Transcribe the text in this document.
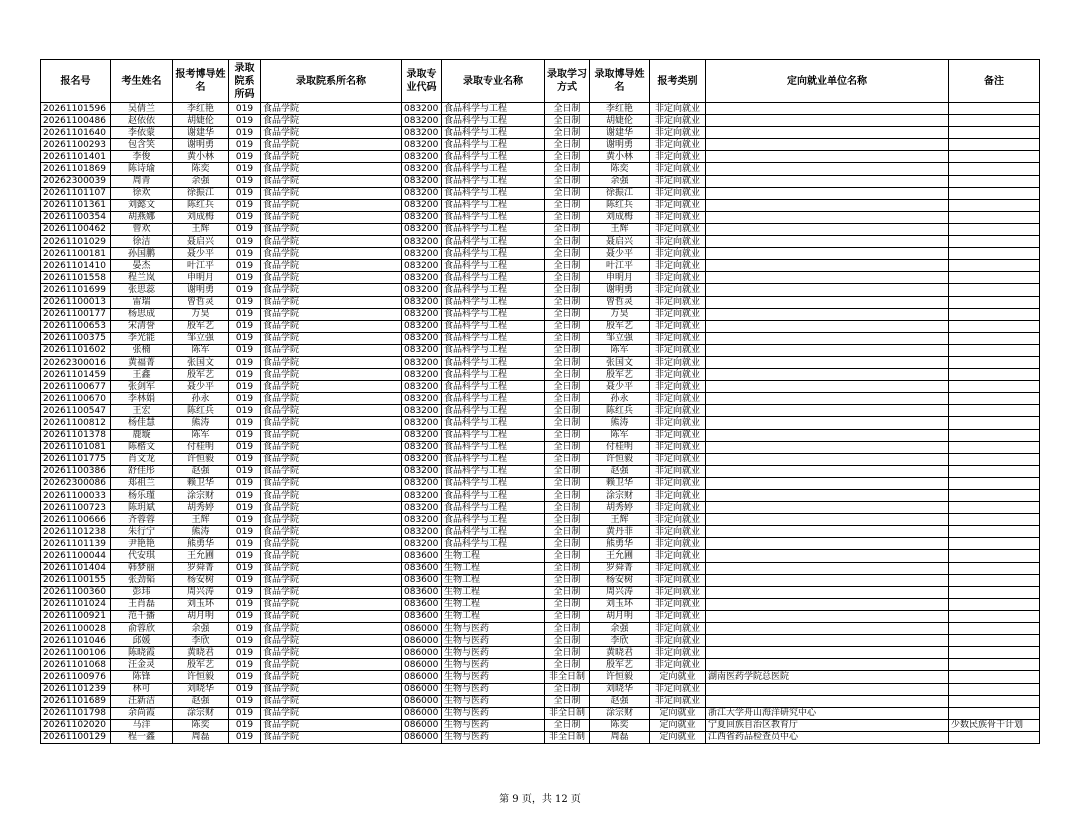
报名号	考生姓名	报考博导姓名	录取院系所码	录取院系所名称	录取专业代码	录取专业名称	录取学习方式	录取博导姓名	报考类别	定向就业单位名称	备注
20261101596	吴倩兰	李红艳	019	食品学院	083200	食品科学与工程	全日制	李红艳	非定向就业		
20261100486	赵依依	胡婕伦	019	食品学院	083200	食品科学与工程	全日制	胡婕伦	非定向就业		
20261101640	李依蒙	谢建华	019	食品学院	083200	食品科学与工程	全日制	谢建华	非定向就业		
20261100293	包含笑	谢明勇	019	食品学院	083200	食品科学与工程	全日制	谢明勇	非定向就业		
20261101401	李俊	黄小林	019	食品学院	083200	食品科学与工程	全日制	黄小林	非定向就业		
20261101869	陈诗瑜	陈奕	019	食品学院	083200	食品科学与工程	全日制	陈奕	非定向就业		
20262300039	周青	余强	019	食品学院	083200	食品科学与工程	全日制	余强	非定向就业		
20261101107	徐欢	徐振江	019	食品学院	083200	食品科学与工程	全日制	徐振江	非定向就业		
20261101361	刘懿文	陈红兵	019	食品学院	083200	食品科学与工程	全日制	陈红兵	非定向就业		
20261100354	胡燕娜	刘成梅	019	食品学院	083200	食品科学与工程	全日制	刘成梅	非定向就业		
20261100462	曾欢	王辉	019	食品学院	083200	食品科学与工程	全日制	王辉	非定向就业		
20261101029	徐洁	聂启兴	019	食品学院	083200	食品科学与工程	全日制	聂启兴	非定向就业		
20261100181	孙国鹏	聂少平	019	食品学院	083200	食品科学与工程	全日制	聂少平	非定向就业		
20261101410	晏杰	叶江平	019	食品学院	083200	食品科学与工程	全日制	叶江平	非定向就业		
20261101558	程兰岚	申明月	019	食品学院	083200	食品科学与工程	全日制	申明月	非定向就业		
20261101699	张思蕊	谢明勇	019	食品学院	083200	食品科学与工程	全日制	谢明勇	非定向就业		
20261100013	雷瑞	曾哲灵	019	食品学院	083200	食品科学与工程	全日制	曾哲灵	非定向就业		
20261100177	杨思成	万昊	019	食品学院	083200	食品科学与工程	全日制	万昊	非定向就业		
20261100653	宋清誉	殷军艺	019	食品学院	083200	食品科学与工程	全日制	殷军艺	非定向就业		
20261100375	李光能	邹立强	019	食品学院	083200	食品科学与工程	全日制	邹立强	非定向就业		
20261101602	张楠	陈军	019	食品学院	083200	食品科学与工程	全日制	陈军	非定向就业		
20262300016	黄福菁	张国文	019	食品学院	083200	食品科学与工程	全日制	张国文	非定向就业		
20261101459	王鑫	殷军艺	019	食品学院	083200	食品科学与工程	全日制	殷军艺	非定向就业		
20261100677	张剑军	聂少平	019	食品学院	083200	食品科学与工程	全日制	聂少平	非定向就业		
20261100670	李林娟	孙永	019	食品学院	083200	食品科学与工程	全日制	孙永	非定向就业		
20261100547	王宏	陈红兵	019	食品学院	083200	食品科学与工程	全日制	陈红兵	非定向就业		
20261100812	杨佳慧	熊涛	019	食品学院	083200	食品科学与工程	全日制	熊涛	非定向就业		
20261101378	鹿璇	陈军	019	食品学院	083200	食品科学与工程	全日制	陈军	非定向就业		
20261101081	陈楷文	付桂明	019	食品学院	083200	食品科学与工程	全日制	付桂明	非定向就业		
20261101775	肖文龙	许恒毅	019	食品学院	083200	食品科学与工程	全日制	许恒毅	非定向就业		
20261100386	舒佳彤	赵强	019	食品学院	083200	食品科学与工程	全日制	赵强	非定向就业		
20262300086	郑祖兰	赖卫华	019	食品学院	083200	食品科学与工程	全日制	赖卫华	非定向就业		
20261100033	杨乐瑾	涂宗财	019	食品学院	083200	食品科学与工程	全日制	涂宗财	非定向就业		
20261100723	陈玥斌	胡秀婷	019	食品学院	083200	食品科学与工程	全日制	胡秀婷	非定向就业		
20261100666	齐蓉蓉	王辉	019	食品学院	083200	食品科学与工程	全日制	王辉	非定向就业		
20261101238	朱行宁	熊涛	019	食品学院	083200	食品科学与工程	全日制	黄丹菲	非定向就业		
20261101139	尹艳艳	熊勇华	019	食品学院	083200	食品科学与工程	全日制	熊勇华	非定向就业		
20261100044	代安琪	王允圃	019	食品学院	083600	生物工程	全日制	王允圃	非定向就业		
20261101404	韩梦丽	罗舜菁	019	食品学院	083600	生物工程	全日制	罗舜菁	非定向就业		
20261100155	张劲韬	杨安树	019	食品学院	083600	生物工程	全日制	杨安树	非定向就业		
20261100360	彭玮	周兴涛	019	食品学院	083600	生物工程	全日制	周兴涛	非定向就业		
20261101024	王肖磊	刘玉环	019	食品学院	083600	生物工程	全日制	刘玉环	非定向就业		
20261100921	范千播	胡月明	019	食品学院	083600	生物工程	全日制	胡月明	非定向就业		
20261100028	俞蓉欣	余强	019	食品学院	086000	生物与医药	全日制	余强	非定向就业		
20261101046	邱媛	李欣	019	食品学院	086000	生物与医药	全日制	李欣	非定向就业		
20261100106	陈晓霞	黄晓君	019	食品学院	086000	生物与医药	全日制	黄晓君	非定向就业		
20261101068	汪金灵	殷军艺	019	食品学院	086000	生物与医药	全日制	殷军艺	非定向就业		
20261100976	陈锋	许恒毅	019	食品学院	086000	生物与医药	非全日制	许恒毅	定向就业	湖南医药学院总医院	
20261101239	林可	刘晓华	019	食品学院	086000	生物与医药	全日制	刘晓华	非定向就业		
20261101689	汪新洁	赵强	019	食品学院	086000	生物与医药	全日制	赵强	非定向就业		
20261101798	余尚霞	涂宗财	019	食品学院	086000	生物与医药	非全日制	涂宗财	定向就业	浙江大学舟山海洋研究中心	
20261102020	马洋	陈奕	019	食品学院	086000	生物与医药	全日制	陈奕	定向就业	宁夏回族自治区教育厅	少数民族骨干计划
20261100129	程一鑫	周磊	019	食品学院	086000	生物与医药	非全日制	周磊	定向就业	江西省药品检查员中心	
第 9 页，共 12 页
